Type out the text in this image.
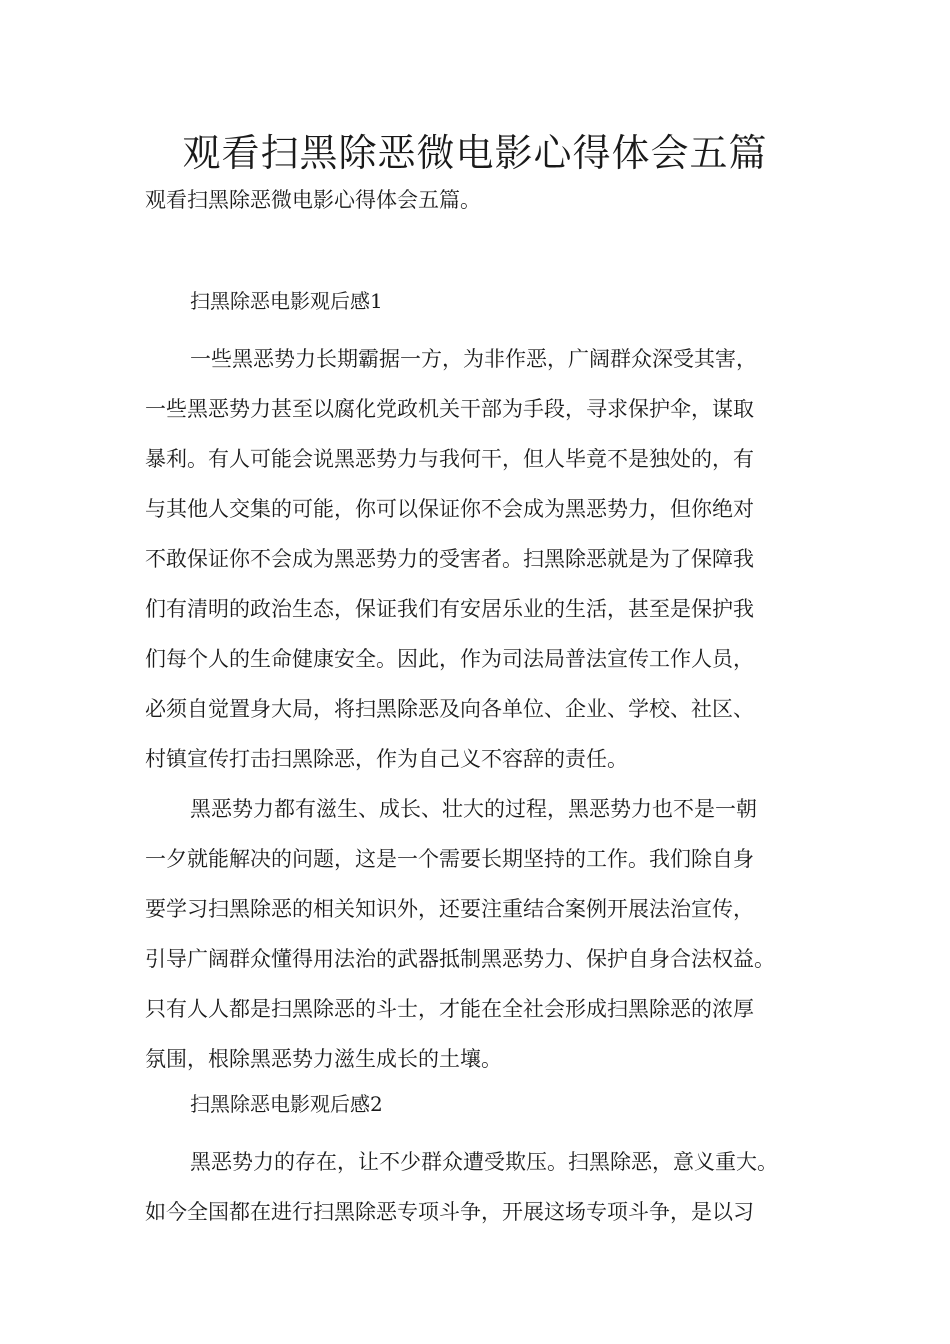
观看扫黑除恶微电影心得体会五篇

观看扫黑除恶微电影心得体会五篇。

扫黑除恶电影观后感1

一些黑恶势力长期霸据一方，为非作恶，广阔群众深受其害，
一些黑恶势力甚至以腐化党政机关干部为手段，寻求保护伞，谋取
暴利。有人可能会说黑恶势力与我何干，但人毕竟不是独处的，有
与其他人交集的可能，你可以保证你不会成为黑恶势力，但你绝对
不敢保证你不会成为黑恶势力的受害者。扫黑除恶就是为了保障我
们有清明的政治生态，保证我们有安居乐业的生活，甚至是保护我
们每个人的生命健康安全。因此，作为司法局普法宣传工作人员，
必须自觉置身大局，将扫黑除恶及向各单位、企业、学校、社区、
村镇宣传打击扫黑除恶，作为自己义不容辞的责任。
黑恶势力都有滋生、成长、壮大的过程，黑恶势力也不是一朝
一夕就能解决的问题，这是一个需要长期坚持的工作。我们除自身
要学习扫黑除恶的相关知识外，还要注重结合案例开展法治宣传，
引导广阔群众懂得用法治的武器抵制黑恶势力、保护自身合法权益。
只有人人都是扫黑除恶的斗士，才能在全社会形成扫黑除恶的浓厚
氛围，根除黑恶势力滋生成长的土壤。

扫黑除恶电影观后感2

黑恶势力的存在，让不少群众遭受欺压。扫黑除恶，意义重大。
如今全国都在进行扫黑除恶专项斗争，开展这场专项斗争，是以习
